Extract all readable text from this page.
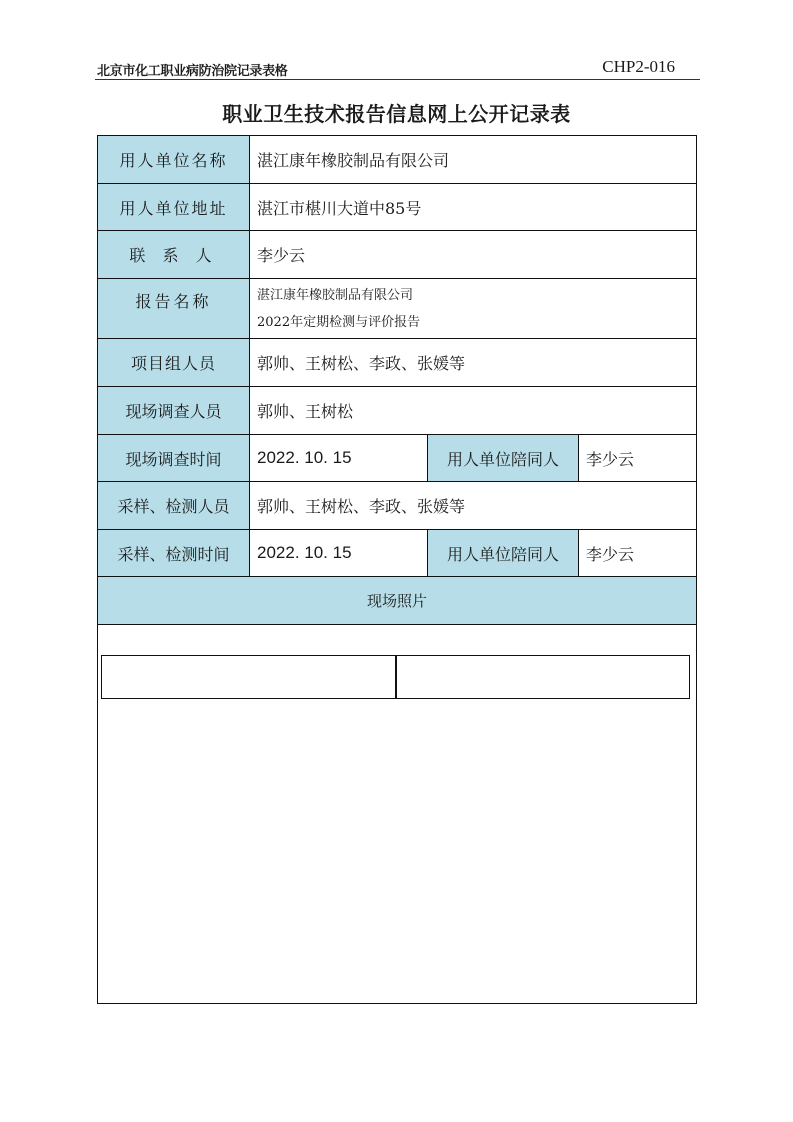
北京市化工职业病防治院记录表格	CHP2-016
职业卫生技术报告信息网上公开记录表
用人单位名称	湛江康年橡胶制品有限公司
用人单位地址	湛江市椹川大道中85号
联 系 人	李少云
报告名称	湛江康年橡胶制品有限公司
2022年定期检测与评价报告
项目组人员	郭帅、王树松、李政、张媛等
现场调查人员	郭帅、王树松
现场调查时间	2022. 10. 15	用人单位陪同人	李少云
采样、检测人员	郭帅、王树松、李政、张媛等
采样、检测时间	2022. 10. 15	用人单位陪同人	李少云
现场照片
